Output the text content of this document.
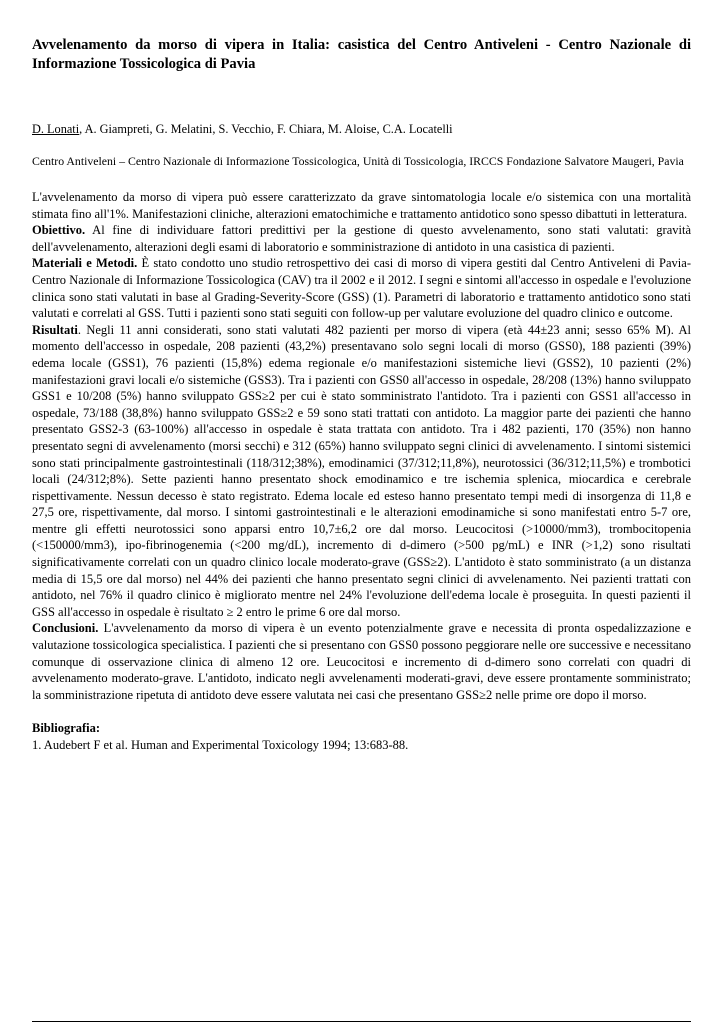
Avvelenamento da morso di vipera in Italia: casistica del Centro Antiveleni - Centro Nazionale di Informazione Tossicologica di Pavia
D. Lonati, A. Giampreti, G. Melatini, S. Vecchio, F. Chiara, M. Aloise, C.A. Locatelli
Centro Antiveleni – Centro Nazionale di Informazione Tossicologica, Unità di Tossicologia, IRCCS Fondazione Salvatore Maugeri, Pavia

L'avvelenamento da morso di vipera può essere caratterizzato da grave sintomatologia locale e/o sistemica con una mortalità stimata fino all'1%. Manifestazioni cliniche, alterazioni ematochimiche e trattamento antidotico sono spesso dibattuti in letteratura.

Obiettivo. Al fine di individuare fattori predittivi per la gestione di questo avvelenamento, sono stati valutati: gravità dell'avvelenamento, alterazioni degli esami di laboratorio e somministrazione di antidoto in una casistica di pazienti.

Materiali e Metodi. È stato condotto uno studio retrospettivo dei casi di morso di vipera gestiti dal Centro Antiveleni di Pavia-Centro Nazionale di Informazione Tossicologica (CAV) tra il 2002 e il 2012. I segni e sintomi all'accesso in ospedale e l'evoluzione clinica sono stati valutati in base al Grading-Severity-Score (GSS) (1). Parametri di laboratorio e trattamento antidotico sono stati valutati e correlati al GSS. Tutti i pazienti sono stati seguiti con follow-up per valutare evoluzione del quadro clinico e outcome.

Risultati. Negli 11 anni considerati, sono stati valutati 482 pazienti per morso di vipera (età 44±23 anni; sesso 65% M). Al momento dell'accesso in ospedale, 208 pazienti (43,2%) presentavano solo segni locali di morso (GSS0), 188 pazienti (39%) edema locale (GSS1), 76 pazienti (15,8%) edema regionale e/o manifestazioni sistemiche lievi (GSS2), 10 pazienti (2%) manifestazioni gravi locali e/o sistemiche (GSS3). Tra i pazienti con GSS0 all'accesso in ospedale, 28/208 (13%) hanno sviluppato GSS1 e 10/208 (5%) hanno sviluppato GSS≥2 per cui è stato somministrato l'antidoto. Tra i pazienti con GSS1 all'accesso in ospedale, 73/188 (38,8%) hanno sviluppato GSS≥2 e 59 sono stati trattati con antidoto. La maggior parte dei pazienti che hanno presentato GSS2-3 (63-100%) all'accesso in ospedale è stata trattata con antidoto. Tra i 482 pazienti, 170 (35%) non hanno presentato segni di avvelenamento (morsi secchi) e 312 (65%) hanno sviluppato segni clinici di avvelenamento. I sintomi sistemici sono stati principalmente gastrointestinali (118/312;38%), emodinamici (37/312;11,8%), neurotossici (36/312;11,5%) e trombotici locali (24/312;8%). Sette pazienti hanno presentato shock emodinamico e tre ischemia splenica, miocardica e cerebrale rispettivamente. Nessun decesso è stato registrato. Edema locale ed esteso hanno presentato tempi medi di insorgenza di 11,8 e 27,5 ore, rispettivamente, dal morso. I sintomi gastrointestinali e le alterazioni emodinamiche si sono manifestati entro 5-7 ore, mentre gli effetti neurotossici sono apparsi entro 10,7±6,2 ore dal morso. Leucocitosi (>10000/mm3), trombocitopenia (<150000/mm3), ipo-fibrinogenemia (<200 mg/dL), incremento di d-dimero (>500 pg/mL) e INR (>1,2) sono risultati significativamente correlati con un quadro clinico locale moderato-grave (GSS≥2). L'antidoto è stato somministrato (a un distanza media di 15,5 ore dal morso) nel 44% dei pazienti che hanno presentato segni clinici di avvelenamento. Nei pazienti trattati con antidoto, nel 76% il quadro clinico è migliorato mentre nel 24% l'evoluzione dell'edema locale è proseguita. In questi pazienti il GSS all'accesso in ospedale è risultato ≥ 2 entro le prime 6 ore dal morso.

Conclusioni. L'avvelenamento da morso di vipera è un evento potenzialmente grave e necessita di pronta ospedalizzazione e valutazione tossicologica specialistica. I pazienti che si presentano con GSS0 possono peggiorare nelle ore successive e necessitano comunque di osservazione clinica di almeno 12 ore. Leucocitosi e incremento di d-dimero sono correlati con quadri di avvelenamento moderato-grave. L'antidoto, indicato negli avvelenamenti moderati-gravi, deve essere prontamente somministrato; la somministrazione ripetuta di antidoto deve essere valutata nei casi che presentano GSS≥2 nelle prime ore dopo il morso.

Bibliografia:
1. Audebert F et al. Human and Experimental Toxicology 1994; 13:683-88.
